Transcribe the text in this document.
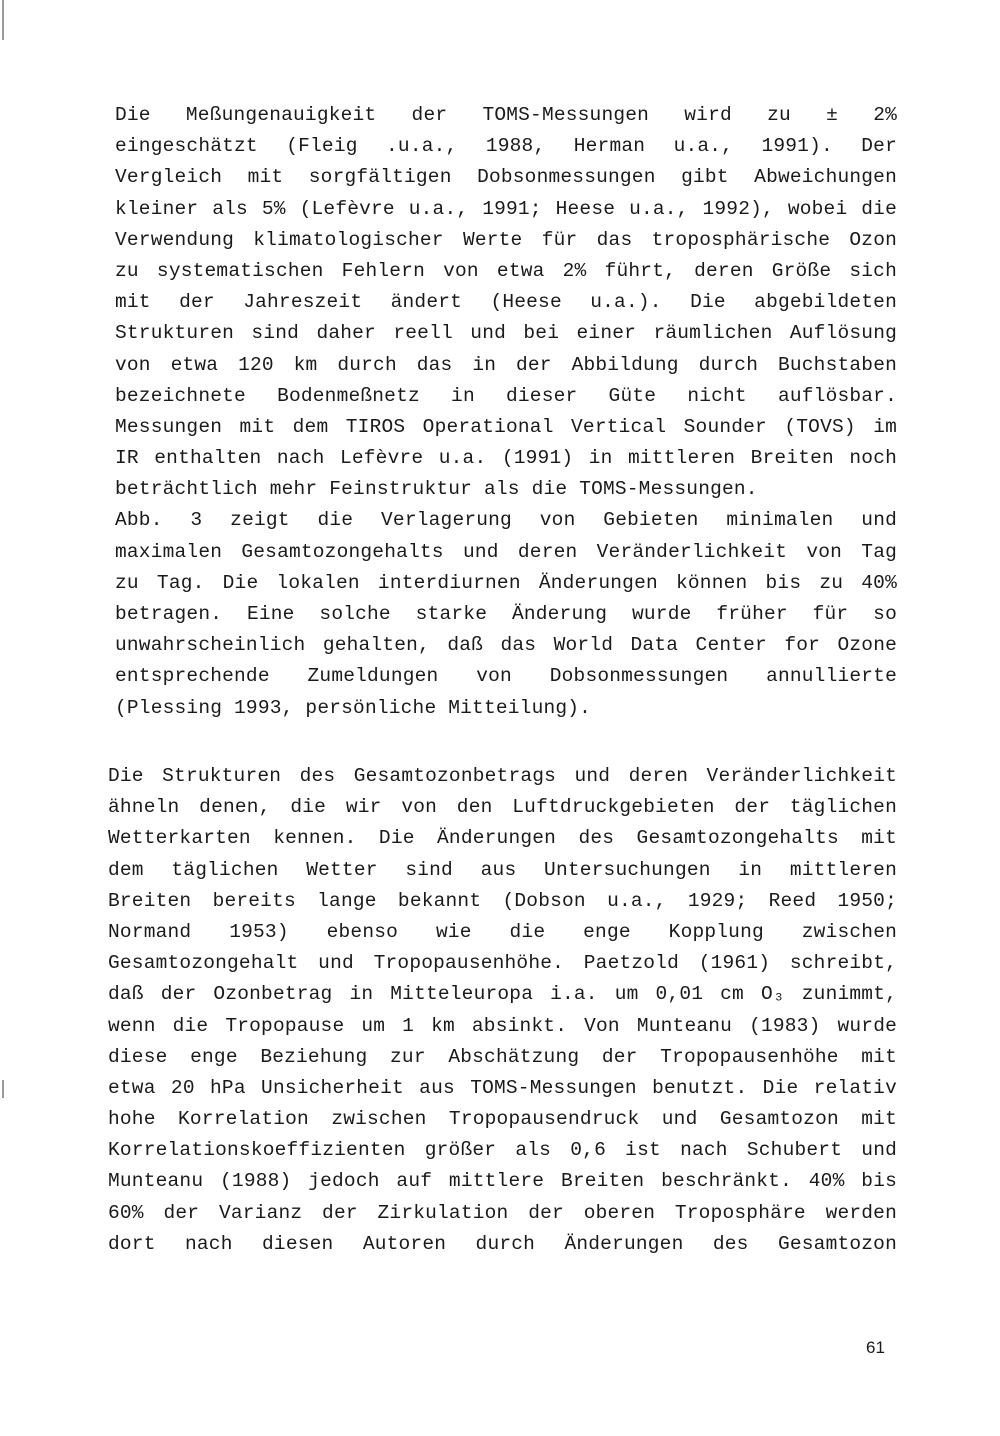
Die Meßungenauigkeit der TOMS-Messungen wird zu ± 2%
eingeschätzt (Fleig .u.a., 1988, Herman u.a., 1991). Der
Vergleich mit sorgfältigen Dobsonmessungen gibt Abweichungen
kleiner als 5% (Lefèvre u.a., 1991; Heese u.a., 1992), wobei die
Verwendung klimatologischer Werte für das troposphärische Ozon
zu systematischen Fehlern von etwa 2% führt, deren Größe sich
mit der Jahreszeit ändert (Heese u.a.). Die abgebildeten
Strukturen sind daher reell und bei einer räumlichen Auflösung
von etwa 120 km durch das in der Abbildung durch Buchstaben
bezeichnete Bodenmeßnetz in dieser Güte nicht auflösbar.
Messungen mit dem TIROS Operational Vertical Sounder (TOVS) im
IR enthalten nach Lefèvre u.a. (1991) in mittleren Breiten noch
beträchtlich mehr Feinstruktur als die TOMS-Messungen.
Abb. 3 zeigt die Verlagerung von Gebieten minimalen und
maximalen Gesamtozongehalts und deren Veränderlichkeit von Tag
zu Tag. Die lokalen interdiurnen Änderungen können bis zu 40%
betragen. Eine solche starke Änderung wurde früher für so
unwahrscheinlich gehalten, daß das World Data Center for Ozone
entsprechende Zumeldungen von Dobsonmessungen annullierte
(Plessing 1993, persönliche Mitteilung).
Die Strukturen des Gesamtozonbetrags und deren Veränderlichkeit
ähneln denen, die wir von den Luftdruckgebieten der täglichen
Wetterkarten kennen. Die Änderungen des Gesamtozongehalts mit
dem täglichen Wetter sind aus Untersuchungen in mittleren
Breiten bereits lange bekannt (Dobson u.a., 1929; Reed 1950;
Normand 1953) ebenso wie die enge Kopplung zwischen
Gesamtozongehalt und Tropopausenhöhe. Paetzold (1961) schreibt,
daß der Ozonbetrag in Mitteleuropa i.a. um 0,01 cm O₃ zunimmt,
wenn die Tropopause um 1 km absinkt. Von Munteanu (1983) wurde
diese enge Beziehung zur Abschätzung der Tropopausenhöhe mit
etwa 20 hPa Unsicherheit aus TOMS-Messungen benutzt. Die relativ
hohe Korrelation zwischen Tropopausendruck und Gesamtozon mit
Korrelationskoeffizienten größer als 0,6 ist nach Schubert und
Munteanu (1988) jedoch auf mittlere Breiten beschränkt. 40% bis
60% der Varianz der Zirkulation der oberen Troposphäre werden
dort nach diesen Autoren durch Änderungen des Gesamtozon
61
